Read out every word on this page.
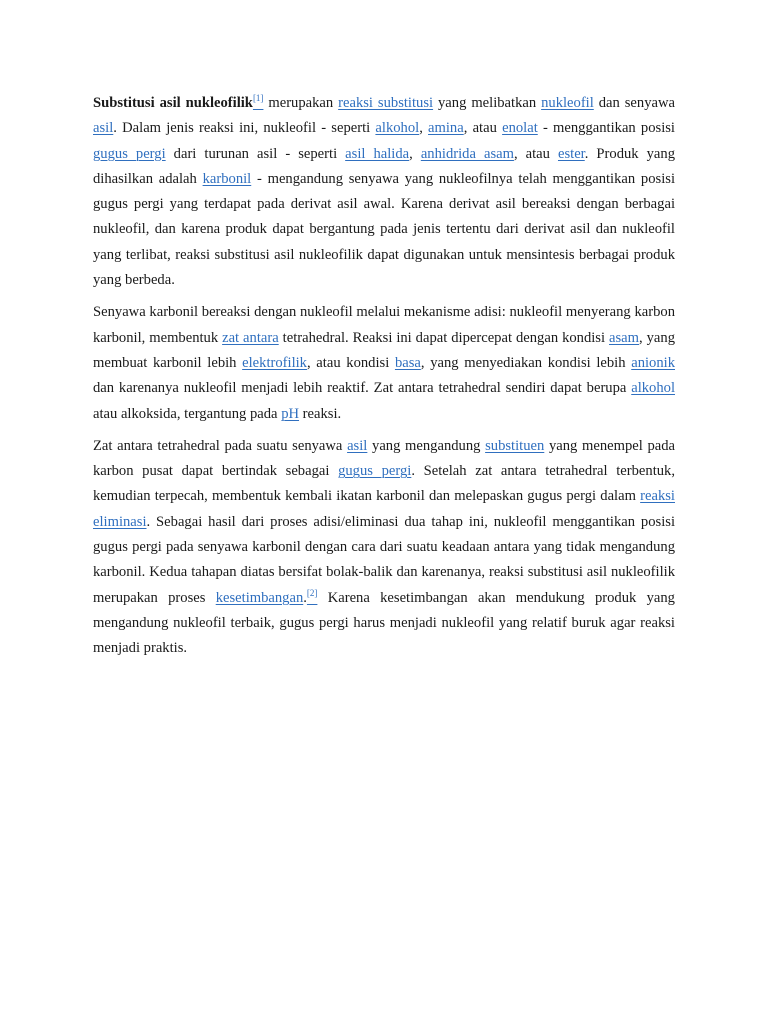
Substitusi asil nukleofilik[1] merupakan reaksi substitusi yang melibatkan nukleofil dan senyawa asil. Dalam jenis reaksi ini, nukleofil - seperti alkohol, amina, atau enolat - menggantikan posisi gugus pergi dari turunan asil - seperti asil halida, anhidrida asam, atau ester. Produk yang dihasilkan adalah karbonil - mengandung senyawa yang nukleofilnya telah menggantikan posisi gugus pergi yang terdapat pada derivat asil awal. Karena derivat asil bereaksi dengan berbagai nukleofil, dan karena produk dapat bergantung pada jenis tertentu dari derivat asil dan nukleofil yang terlibat, reaksi substitusi asil nukleofilik dapat digunakan untuk mensintesis berbagai produk yang berbeda.

Senyawa karbonil bereaksi dengan nukleofil melalui mekanisme adisi: nukleofil menyerang karbon karbonil, membentuk zat antara tetrahedral. Reaksi ini dapat dipercepat dengan kondisi asam, yang membuat karbonil lebih elektrofilik, atau kondisi basa, yang menyediakan kondisi lebih anionik dan karenanya nukleofil menjadi lebih reaktif. Zat antara tetrahedral sendiri dapat berupa alkohol atau alkoksida, tergantung pada pH reaksi.

Zat antara tetrahedral pada suatu senyawa asil yang mengandung substituen yang menempel pada karbon pusat dapat bertindak sebagai gugus pergi. Setelah zat antara tetrahedral terbentuk, kemudian terpecah, membentuk kembali ikatan karbonil dan melepaskan gugus pergi dalam reaksi eliminasi. Sebagai hasil dari proses adisi/eliminasi dua tahap ini, nukleofil menggantikan posisi gugus pergi pada senyawa karbonil dengan cara dari suatu keadaan antara yang tidak mengandung karbonil. Kedua tahapan diatas bersifat bolak-balik dan karenanya, reaksi substitusi asil nukleofilik merupakan proses kesetimbangan.[2] Karena kesetimbangan akan mendukung produk yang mengandung nukleofil terbaik, gugus pergi harus menjadi nukleofil yang relatif buruk agar reaksi menjadi praktis.
